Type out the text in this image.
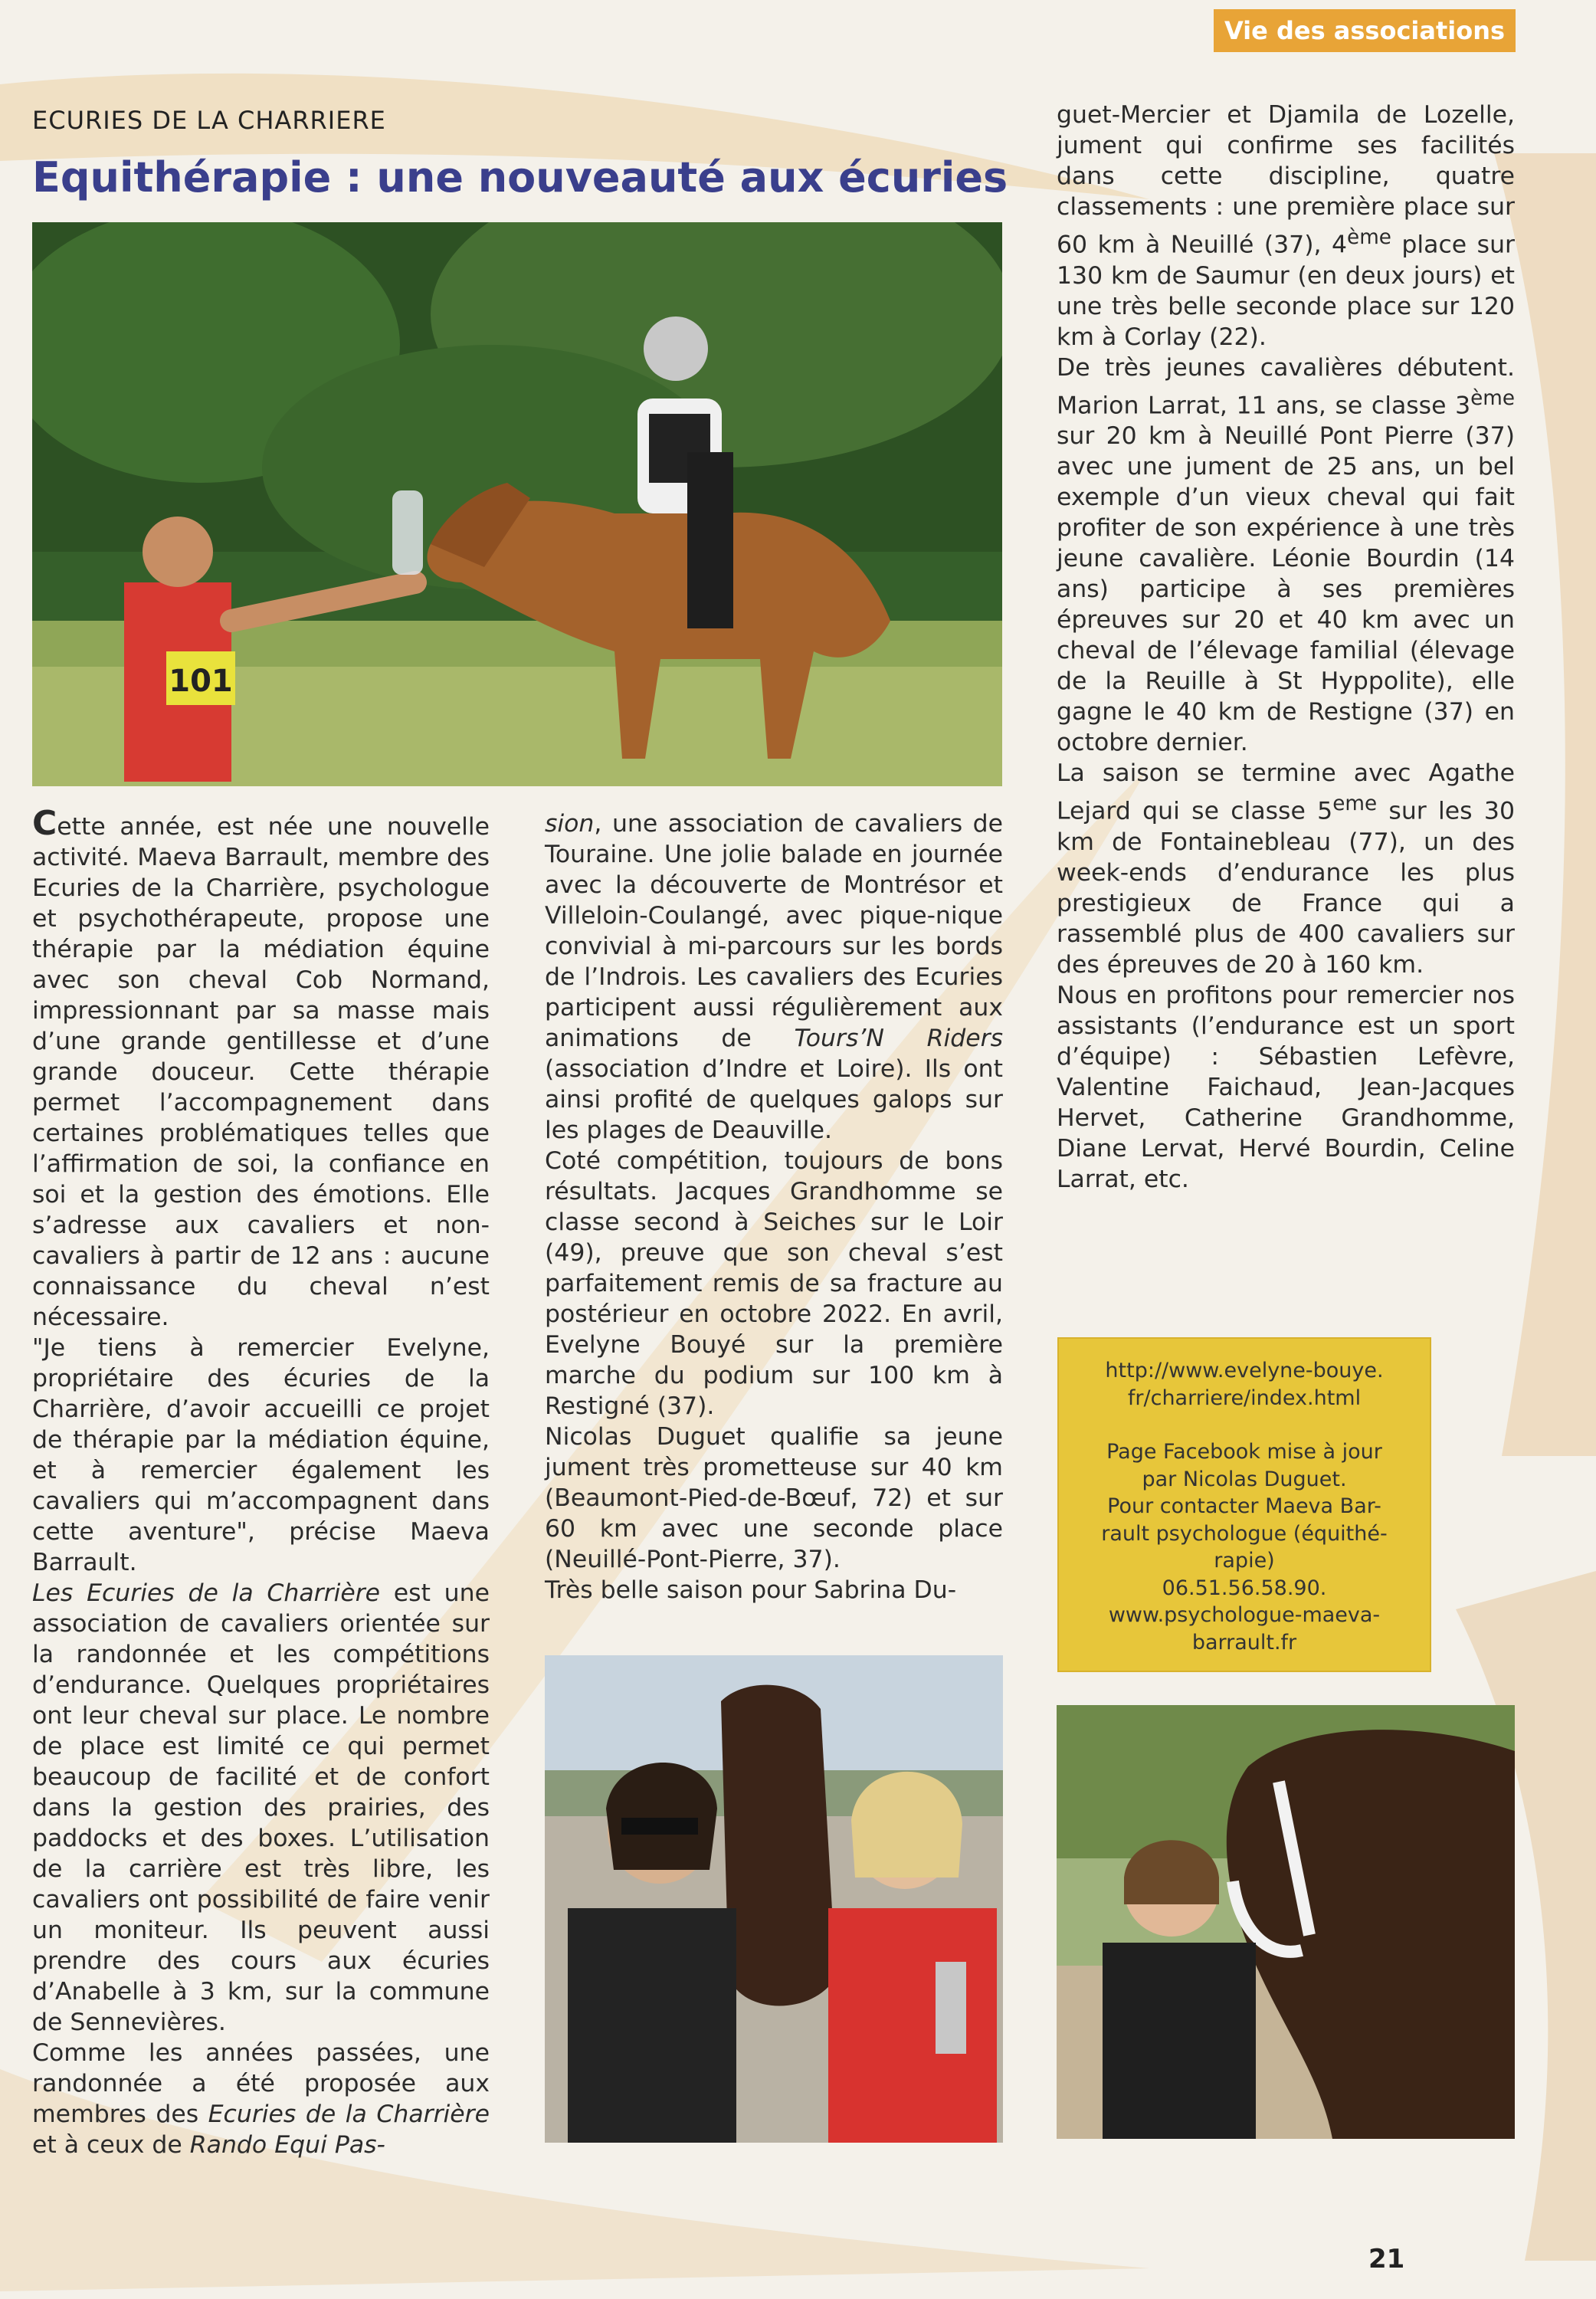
Vie des associations
ECURIES DE LA CHARRIERE
Equithérapie : une nouveauté aux écuries
101

Cette année, est née une nouvelle activité. Maeva Barrault, membre des Ecuries de la Charrière, psychologue et psychothérapeute, propose une thérapie par la médiation équine avec son cheval Cob Normand, impressionnant par sa masse mais d’une grande gentillesse et d’une grande douceur. Cette thérapie permet l’accompagnement dans certaines problématiques telles que l’affirmation de soi, la confiance en soi et la gestion des émotions. Elle s’adresse aux cavaliers et non-cavaliers à partir de 12 ans : aucune connaissance du cheval n’est nécessaire.

"Je tiens à remercier Evelyne, propriétaire des écuries de la Charrière, d’avoir accueilli ce projet de thérapie par la médiation équine, et à remercier également les cavaliers qui m’accompagnent dans cette aventure", précise Maeva Barrault.

Les Ecuries de la Charrière est une association de cavaliers orientée sur la randonnée et les compétitions d’endurance. Quelques propriétaires ont leur cheval sur place. Le nombre de place est limité ce qui permet beaucoup de facilité et de confort dans la gestion des prairies, des paddocks et des boxes. L’utilisation de la carrière est très libre, les cavaliers ont possibilité de faire venir un moniteur. Ils peuvent aussi prendre des cours aux écuries d’Anabelle à 3 km, sur la commune de Sennevières.

Comme les années passées, une randonnée a été proposée aux membres des Ecuries de la Charrière et à ceux de Rando Equi Pas-

sion, une association de cavaliers de Touraine. Une jolie balade en journée avec la découverte de Montrésor et Villeloin-Coulangé, avec pique-nique convivial à mi-parcours sur les bords de l’Indrois. Les cavaliers des Ecuries participent aussi régulièrement aux animations de Tours’N Riders (association d’Indre et Loire). Ils ont ainsi profité de quelques galops sur les plages de Deauville.

Coté compétition, toujours de bons résultats. Jacques Grandhomme se classe second à Seiches sur le Loir (49), preuve que son cheval s’est parfaitement remis de sa fracture au postérieur en octobre 2022. En avril, Evelyne Bouyé sur la première marche du podium sur 100 km à Restigné (37).

Nicolas Duguet qualifie sa jeune jument très prometteuse sur 40 km (Beaumont-Pied-de-Bœuf, 72) et sur 60 km avec une seconde place (Neuillé-Pont-Pierre, 37).

Très belle saison pour Sabrina Du-

guet-Mercier et Djamila de Lozelle, jument qui confirme ses facilités dans cette discipline, quatre classements : une première place sur 60 km à Neuillé (37), 4ème place sur 130 km de Saumur (en deux jours) et une très belle seconde place sur 120 km à Corlay (22).

De très jeunes cavalières débutent. Marion Larrat, 11 ans, se classe 3ème sur 20 km à Neuillé Pont Pierre (37) avec une jument de 25 ans, un bel exemple d’un vieux cheval qui fait profiter de son expérience à une très jeune cavalière. Léonie Bourdin (14 ans) participe à ses premières épreuves sur 20 et 40 km avec un cheval de l’élevage familial (élevage de la Reuille à St Hyppolite), elle gagne le 40 km de Restigne (37) en octobre dernier.

La saison se termine avec Agathe Lejard qui se classe 5eme sur les 30 km de Fontainebleau (77), un des week-ends d’endurance les plus prestigieux de France qui a rassemblé plus de 400 cavaliers sur des épreuves de 20 à 160 km.

Nous en profitons pour remercier nos assistants (l’endurance est un sport d’équipe) : Sébastien Lefèvre, Valentine Faichaud, Jean-Jacques Hervet, Catherine Grandhomme, Diane Lervat, Hervé Bourdin, Celine Larrat, etc.

http://www.evelyne-bouye.

fr/charriere/index.html

Page Facebook mise à jour

par Nicolas Duguet.

Pour contacter Maeva Bar-

rault psychologue (équithé-

rapie)

06.51.56.58.90.

www.psychologue-maeva-

barrault.fr

21
